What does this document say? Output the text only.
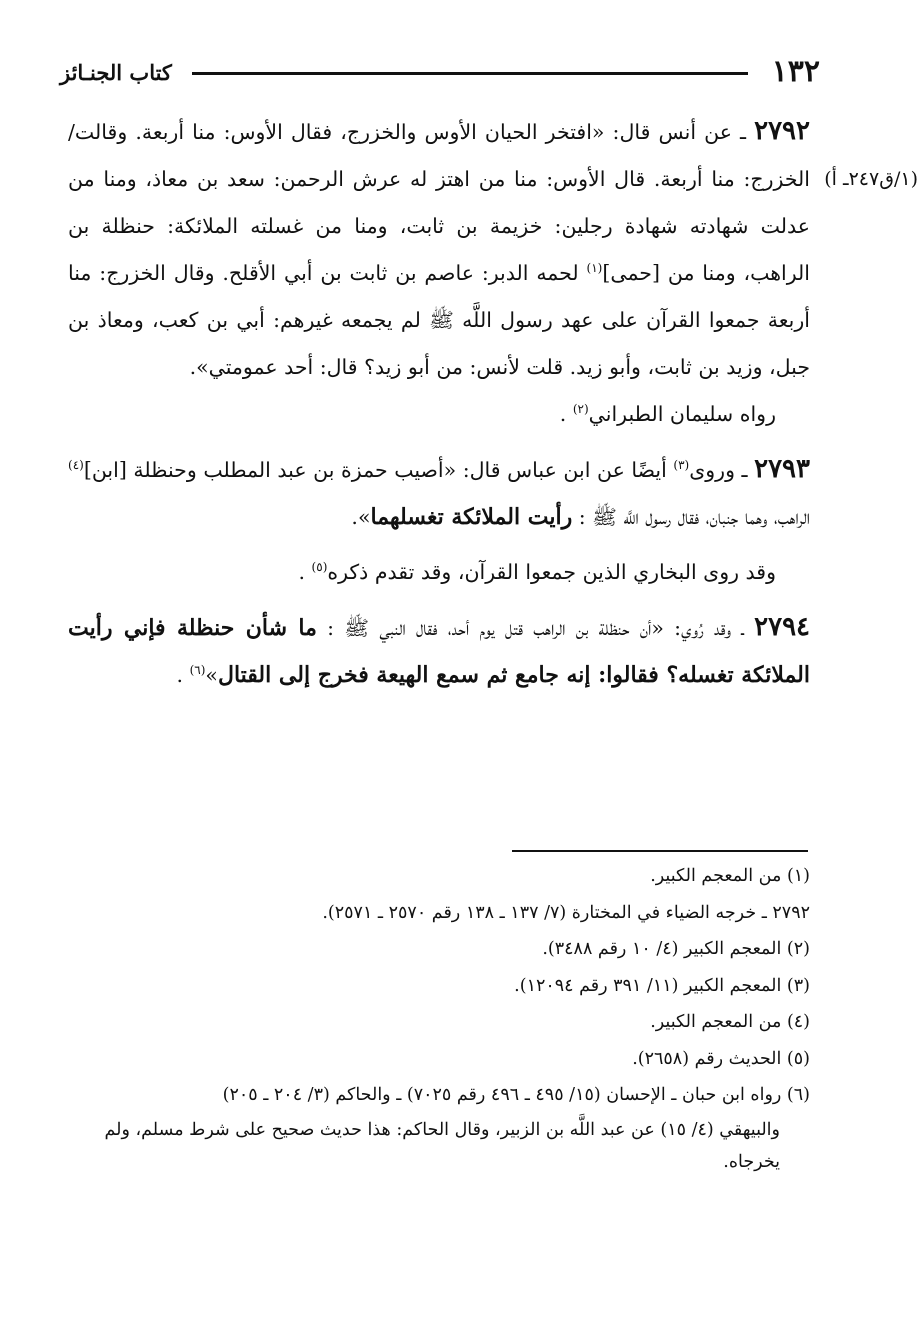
١٣٢
كتاب الجنـائز
(١/ق٢٤٧ـ أ)

٢٧٩٢ ـ عن أنس قال: «افتخر الحيان الأوس والخزرج، فقال الأوس: منا أربعة. وقالت/ الخزرج: منا أربعة. قال الأوس: منا من اهتز له عرش الرحمن: سعد بن معاذ، ومنا من عدلت شهادته شهادة رجلين: خزيمة بن ثابت، ومنا من غسلته الملائكة: حنظلة بن الراهب، ومنا من [حمى]$^{(١)}$ لحمه الدبر: عاصم بن ثابت بن أبي الأقلح. وقال الخزرج: منا أربعة جمعوا القرآن على عهد رسول اللَّه ﷺ لم يجمعه غيرهم: أبي بن كعب، ومعاذ بن جبل، وزيد بن ثابت، وأبو زيد. قلت لأنس: من أبو زيد؟ قال: أحد عمومتي».

رواه سليمان الطبراني$^{(٢)}$ .

٢٧٩٣ ـ وروى$^{(٣)}$ أيضًا عن ابن عباس قال: «أصيب حمزة بن عبد المطلب وحنظلة [ابن]$^{(٤)}$ الراهب، وهما جنبان، فقال رسول اللَّه ﷺ : رأيت الملائكة تغسلهما».

وقد روى البخاري الذين جمعوا القرآن، وقد تقدم ذكره$^{(٥)}$ .

٢٧٩٤ ـ وقد رُوي: «أن حنظلة بن الراهب قتل يوم أحد، فقال النبي ﷺ : ما شأن حنظلة فإني رأيت الملائكة تغسله؟ فقالوا: إنه جامع ثم سمع الهيعة فخرج إلى القتال»$^{(٦)}$ .

(١) من المعجم الكبير.

٢٧٩٢ ـ خرجه الضياء في المختارة (٧/ ١٣٧ ـ ١٣٨ رقم ٢٥٧٠ ـ ٢٥٧١).

(٢) المعجم الكبير (٤/ ١٠ رقم ٣٤٨٨).

(٣) المعجم الكبير (١١/ ٣٩١ رقم ١٢٠٩٤).

(٤) من المعجم الكبير.

(٥) الحديث رقم (٢٦٥٨).

(٦) رواه ابن حبان ـ الإحسان (١٥/ ٤٩٥ ـ ٤٩٦ رقم ٧٠٢٥) ـ والحاكم (٣/ ٢٠٤ ـ ٢٠٥)

والبيهقي (٤/ ١٥) عن عبد اللَّه بن الزبير، وقال الحاكم: هذا حديث صحيح على شرط مسلم، ولم يخرجاه.
